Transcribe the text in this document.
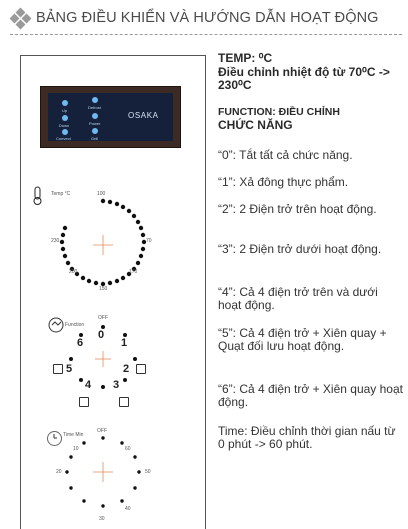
BẢNG ĐIỀU KHIỂN VÀ HƯỚNG DẪN HOẠT ĐỘNG
Up
Defrost
Down	Power
Convect	Grill
OSAKA
Temp °C	100
70
230
200	170
150
Function
OFF
0
1
2
3
4
5
6
Time Min
OFF
60
10
50
20
40
30
TEMP: ⁰C
Điều chỉnh nhiệt độ từ 70⁰C -> 230⁰C
FUNCTION: ĐIỀU CHỈNH
CHỨC NĂNG
“0”: Tắt tất cả chức năng.
“1”: Xả đông thực phẩm.
“2”: 2 Điện trở trên hoạt động.
“3”: 2 Điện trở dưới hoạt động.
“4”: Cả 4 điện trở trên và dưới hoạt động.
“5”: Cả 4 điện trở + Xiên quay + Quạt đối lưu hoạt động.
“6”: Cả 4 điện trở + Xiên quay hoạt động.
Time: Điều chỉnh thời gian nấu từ 0 phút -> 60 phút.
